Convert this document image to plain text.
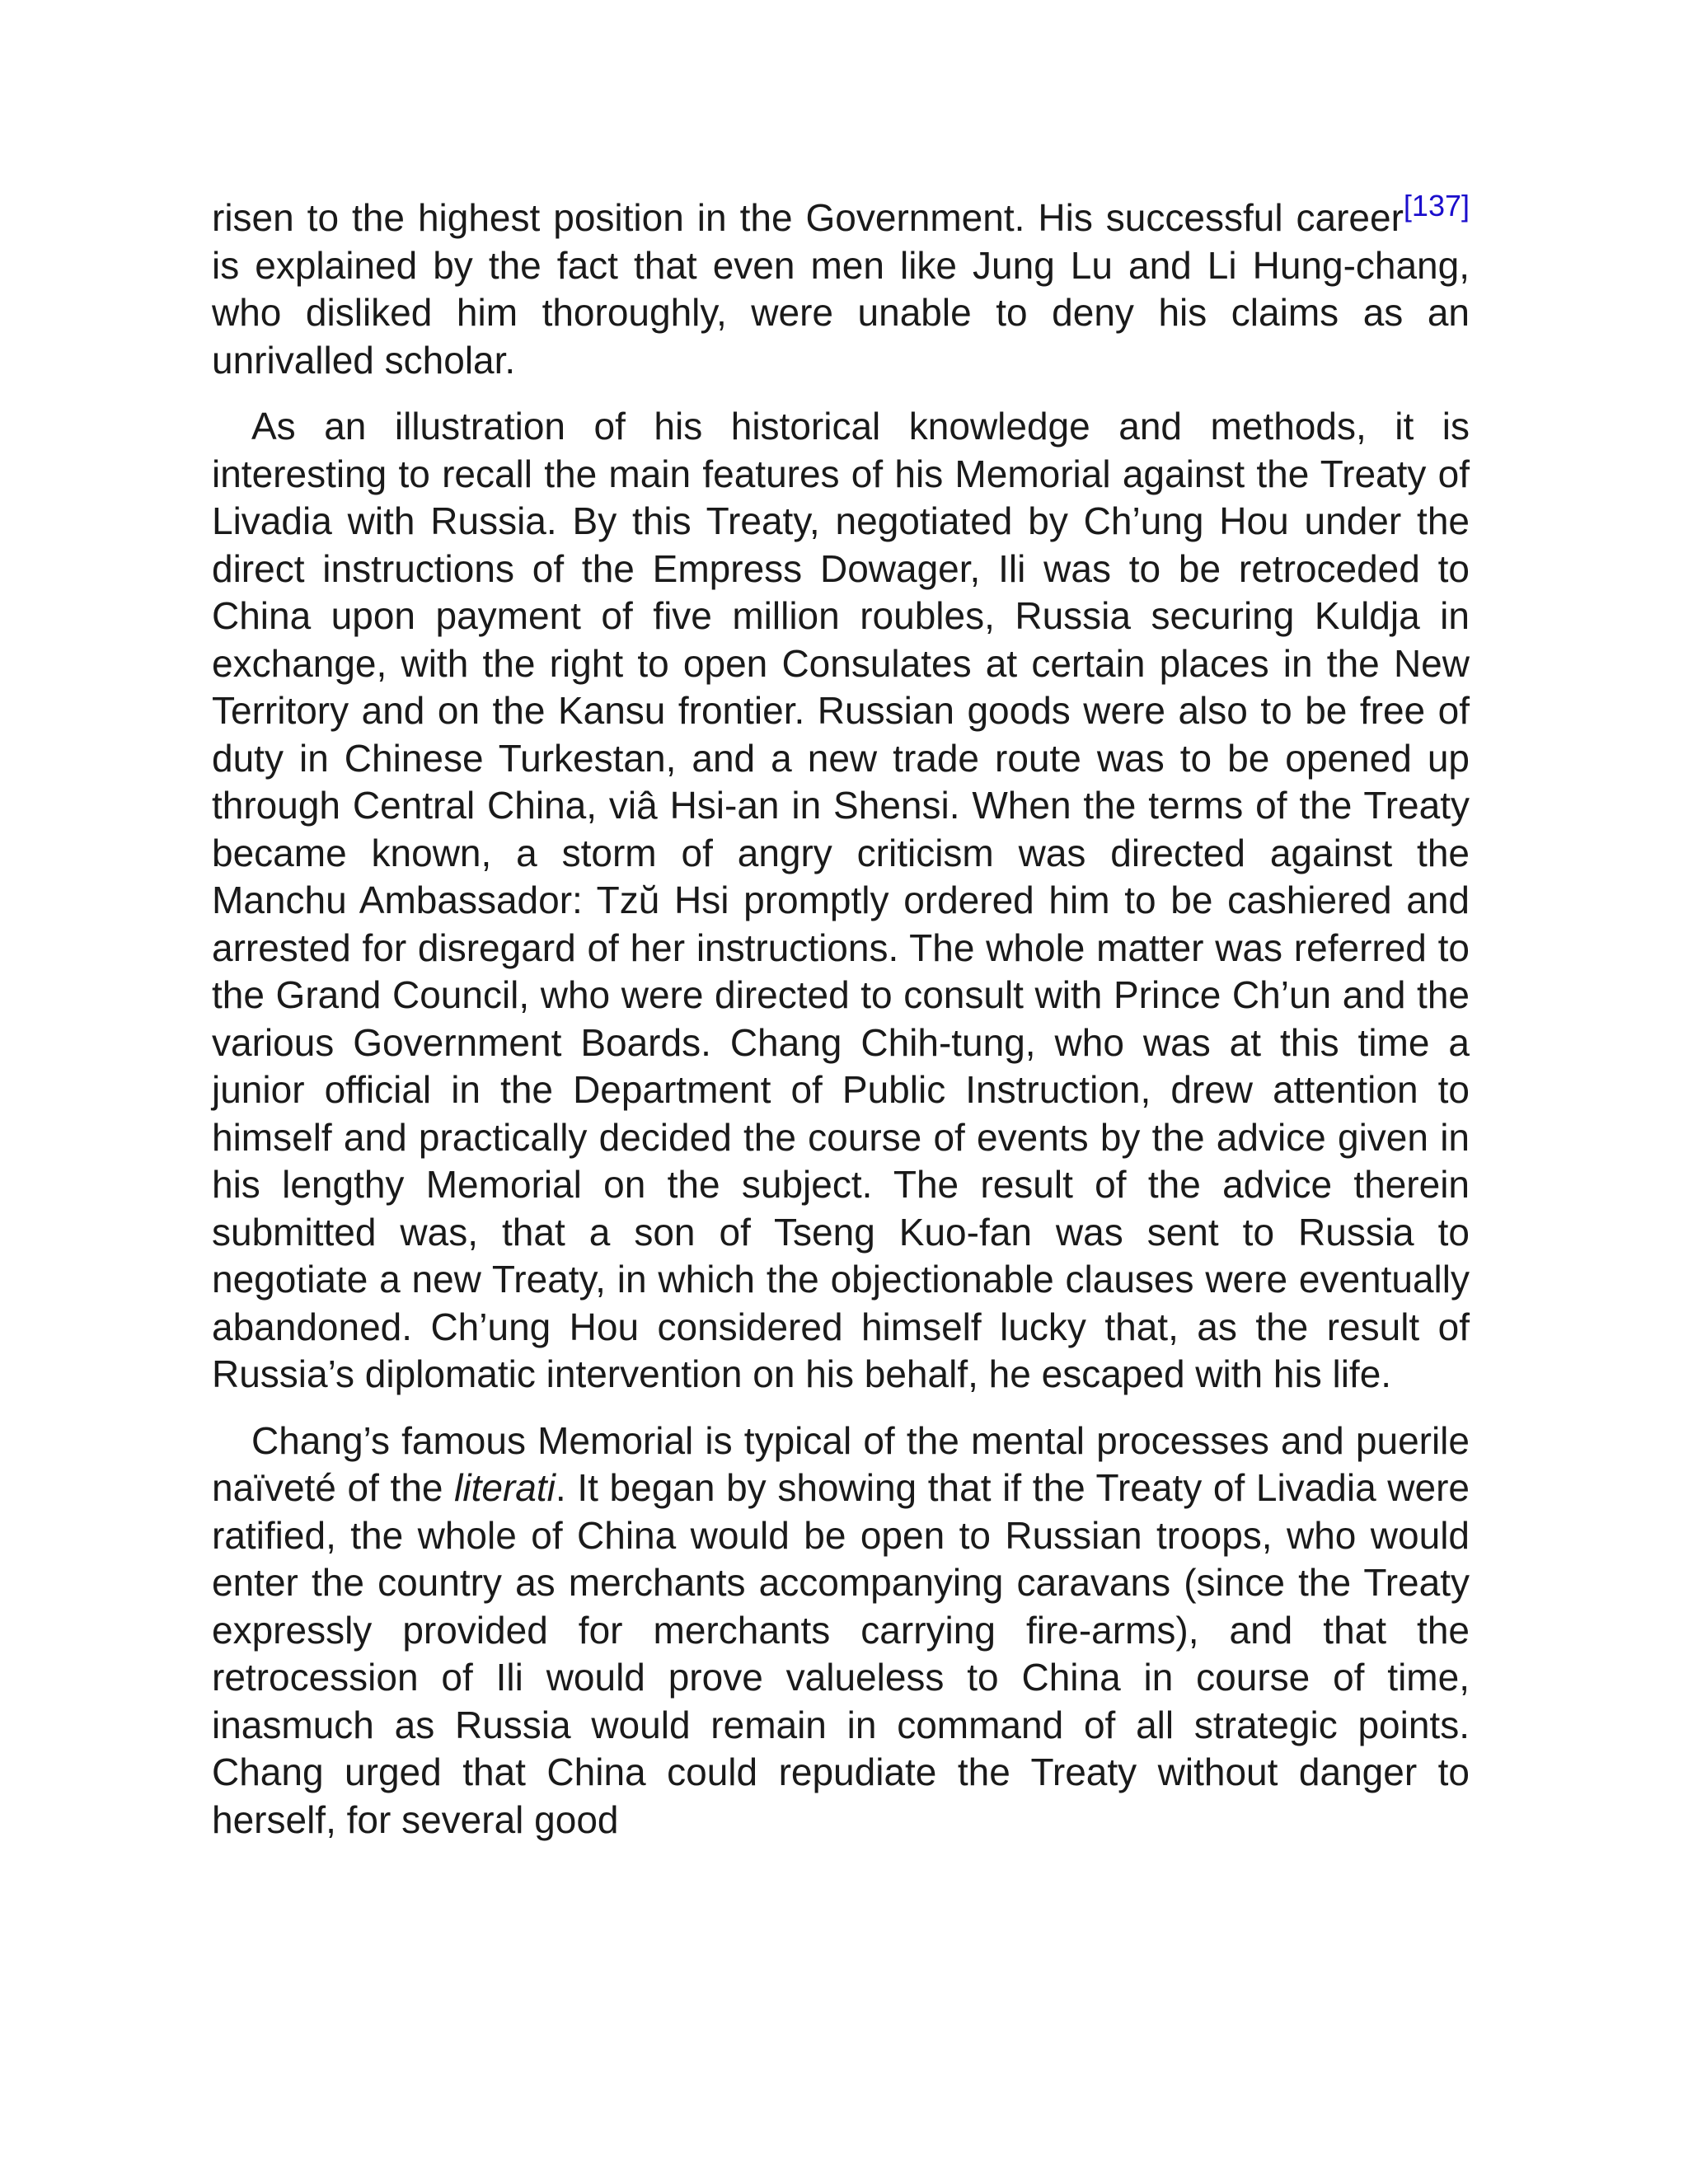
risen to the highest position in the Government. His successful career[137] is explained by the fact that even men like Jung Lu and Li Hung-chang, who disliked him thoroughly, were unable to deny his claims as an unrivalled scholar.

As an illustration of his historical knowledge and methods, it is interesting to recall the main features of his Memorial against the Treaty of Livadia with Russia. By this Treaty, negotiated by Ch’ung Hou under the direct instructions of the Empress Dowager, Ili was to be retroceded to China upon payment of five million roubles, Russia securing Kuldja in exchange, with the right to open Consulates at certain places in the New Territory and on the Kansu frontier. Russian goods were also to be free of duty in Chinese Turkestan, and a new trade route was to be opened up through Central China, viâ Hsi-an in Shensi. When the terms of the Treaty became known, a storm of angry criticism was directed against the Manchu Ambassador: Tzŭ Hsi promptly ordered him to be cashiered and arrested for disregard of her instructions. The whole matter was referred to the Grand Council, who were directed to consult with Prince Ch’un and the various Government Boards. Chang Chih-tung, who was at this time a junior official in the Department of Public Instruction, drew attention to himself and practically decided the course of events by the advice given in his lengthy Memorial on the subject. The result of the advice therein submitted was, that a son of Tseng Kuo-fan was sent to Russia to negotiate a new Treaty, in which the objectionable clauses were eventually abandoned. Ch’ung Hou considered himself lucky that, as the result of Russia’s diplomatic intervention on his behalf, he escaped with his life.

Chang’s famous Memorial is typical of the mental processes and puerile naïveté of the literati. It began by showing that if the Treaty of Livadia were ratified, the whole of China would be open to Russian troops, who would enter the country as merchants accompanying caravans (since the Treaty expressly provided for merchants carrying fire-arms), and that the retrocession of Ili would prove valueless to China in course of time, inasmuch as Russia would remain in command of all strategic points. Chang urged that China could repudiate the Treaty without danger to herself, for several good
